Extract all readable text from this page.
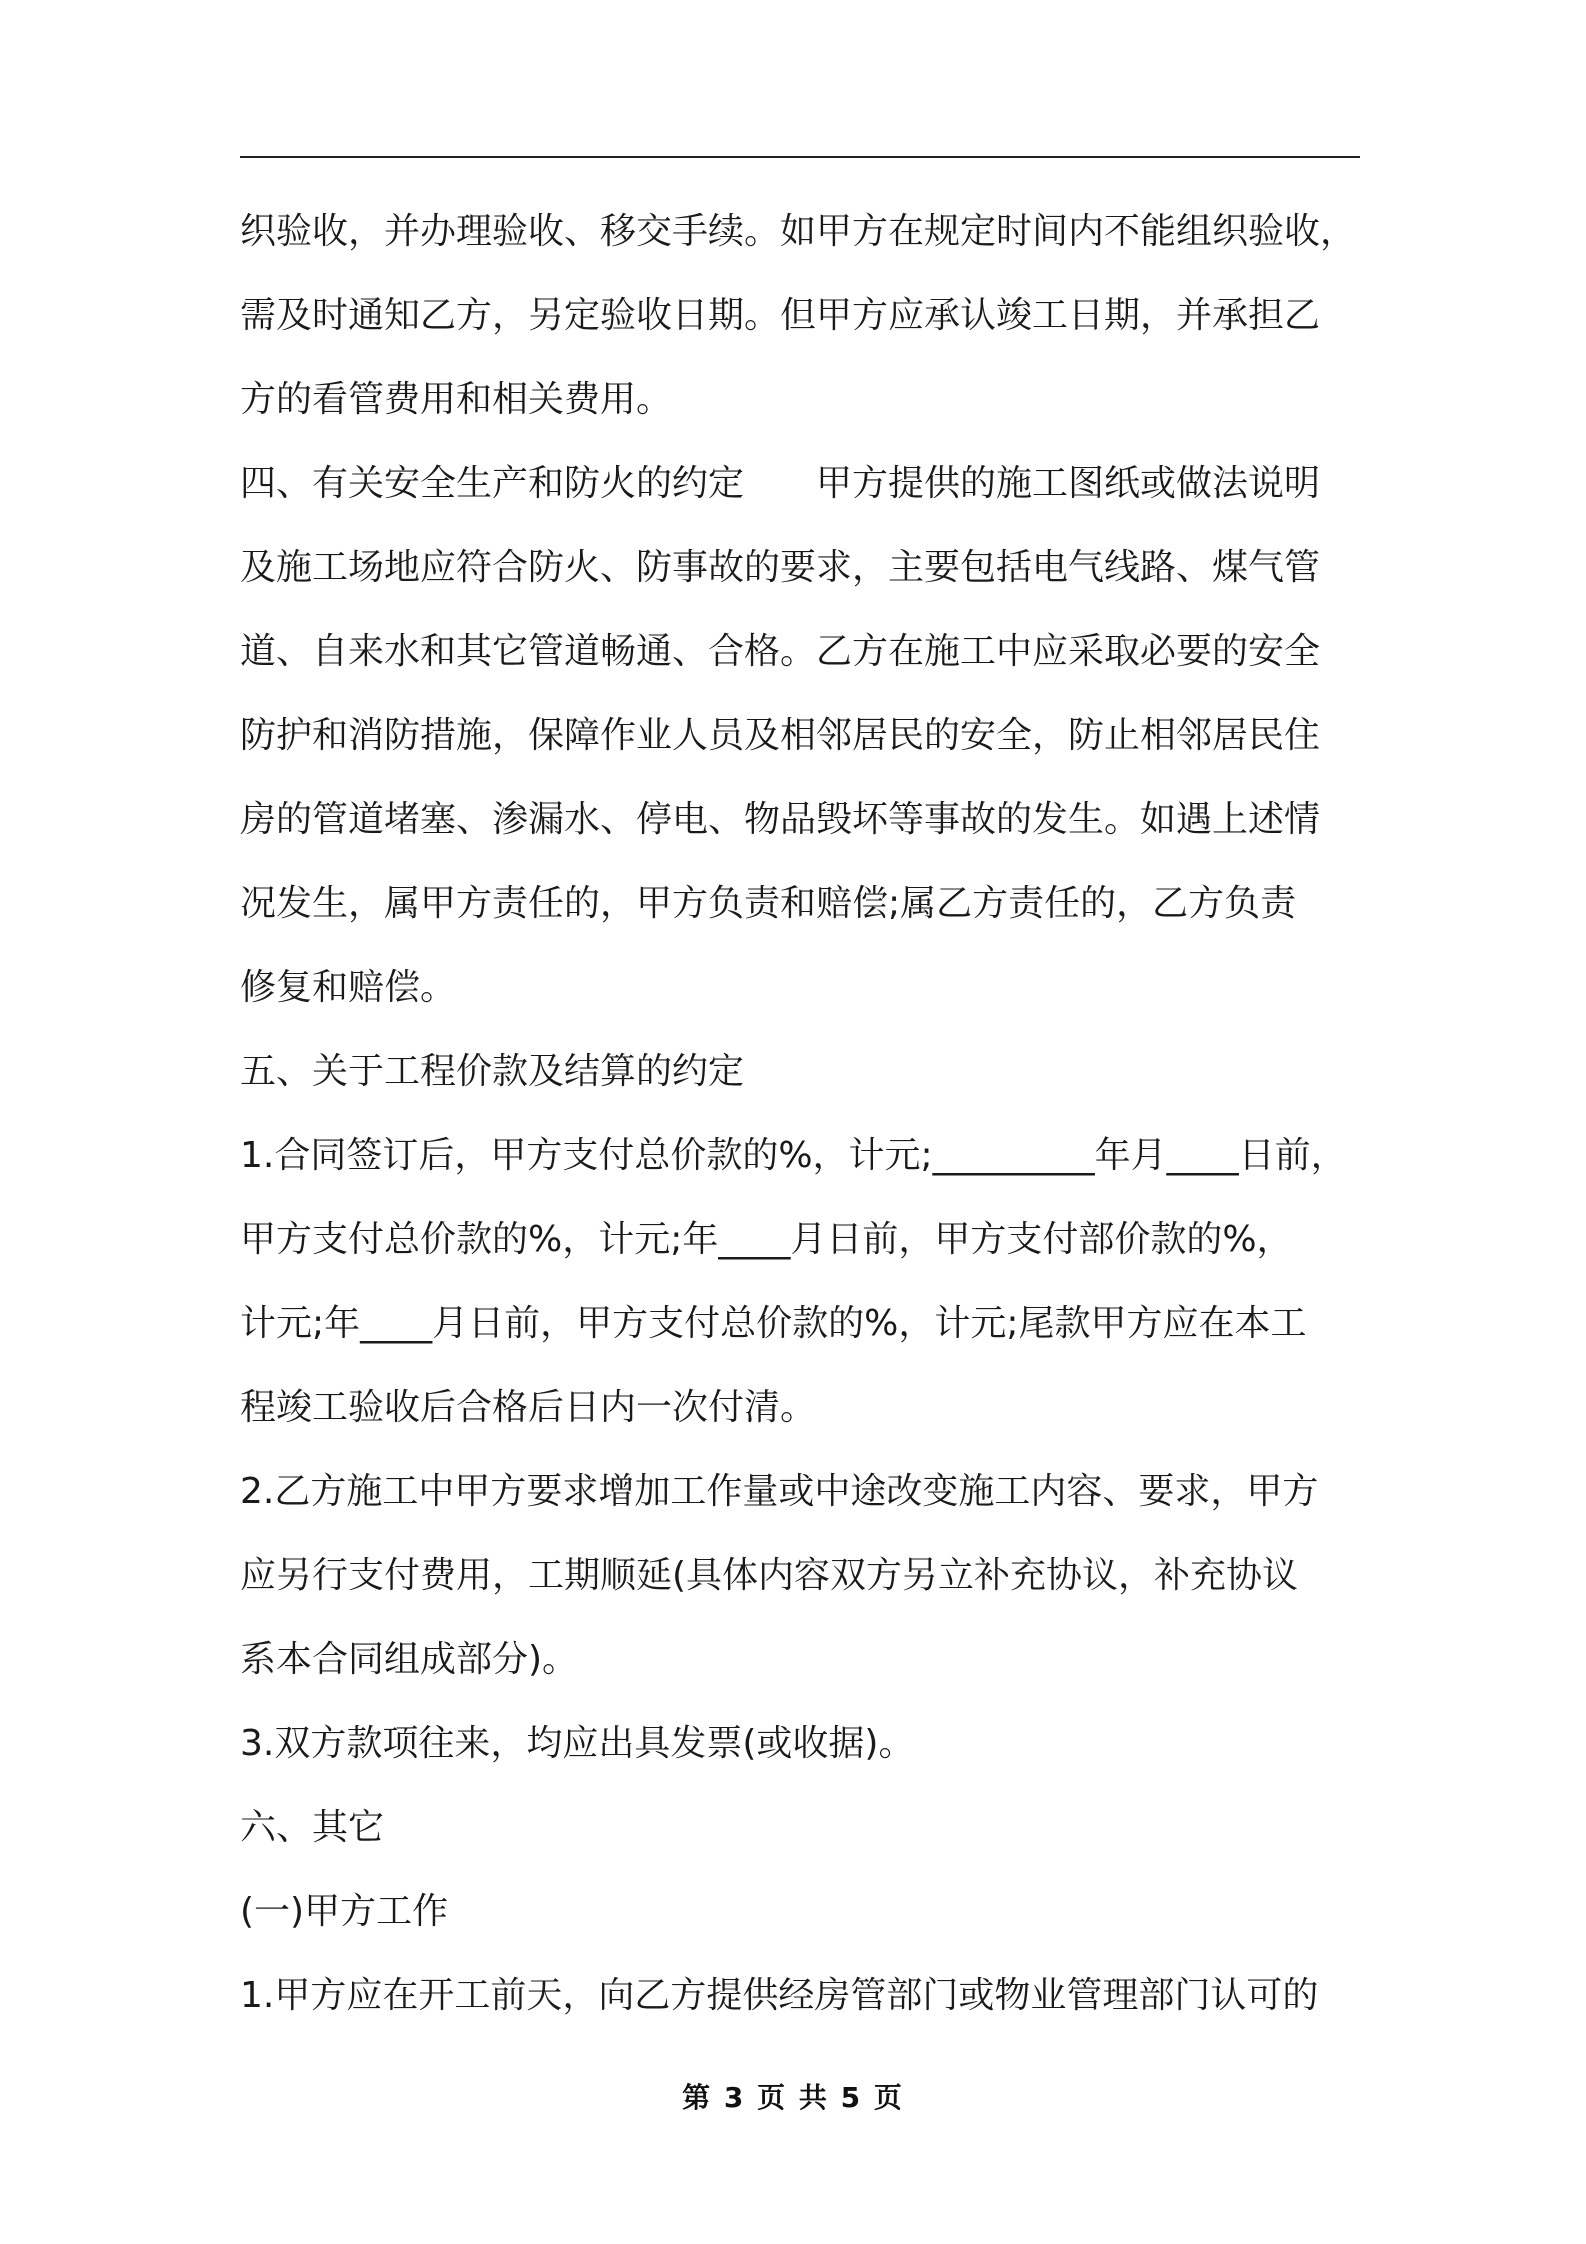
织验收，并办理验收、移交手续。如甲方在规定时间内不能组织验收，
需及时通知乙方，另定验收日期。但甲方应承认竣工日期，并承担乙
方的看管费用和相关费用。
四、有关安全生产和防火的约定　　甲方提供的施工图纸或做法说明
及施工场地应符合防火、防事故的要求，主要包括电气线路、煤气管
道、自来水和其它管道畅通、合格。乙方在施工中应采取必要的安全
防护和消防措施，保障作业人员及相邻居民的安全，防止相邻居民住
房的管道堵塞、渗漏水、停电、物品毁坏等事故的发生。如遇上述情
况发生，属甲方责任的，甲方负责和赔偿;属乙方责任的，乙方负责
修复和赔偿。
五、关于工程价款及结算的约定
1.合同签订后，甲方支付总价款的%，计元;_________年月____日前，
甲方支付总价款的%，计元;年____月日前，甲方支付部价款的%，
计元;年____月日前，甲方支付总价款的%，计元;尾款甲方应在本工
程竣工验收后合格后日内一次付清。
2.乙方施工中甲方要求增加工作量或中途改变施工内容、要求，甲方
应另行支付费用，工期顺延(具体内容双方另立补充协议，补充协议
系本合同组成部分)。
3.双方款项往来，均应出具发票(或收据)。
六、其它
(一)甲方工作
1.甲方应在开工前天，向乙方提供经房管部门或物业管理部门认可的
第 3 页 共 5 页
